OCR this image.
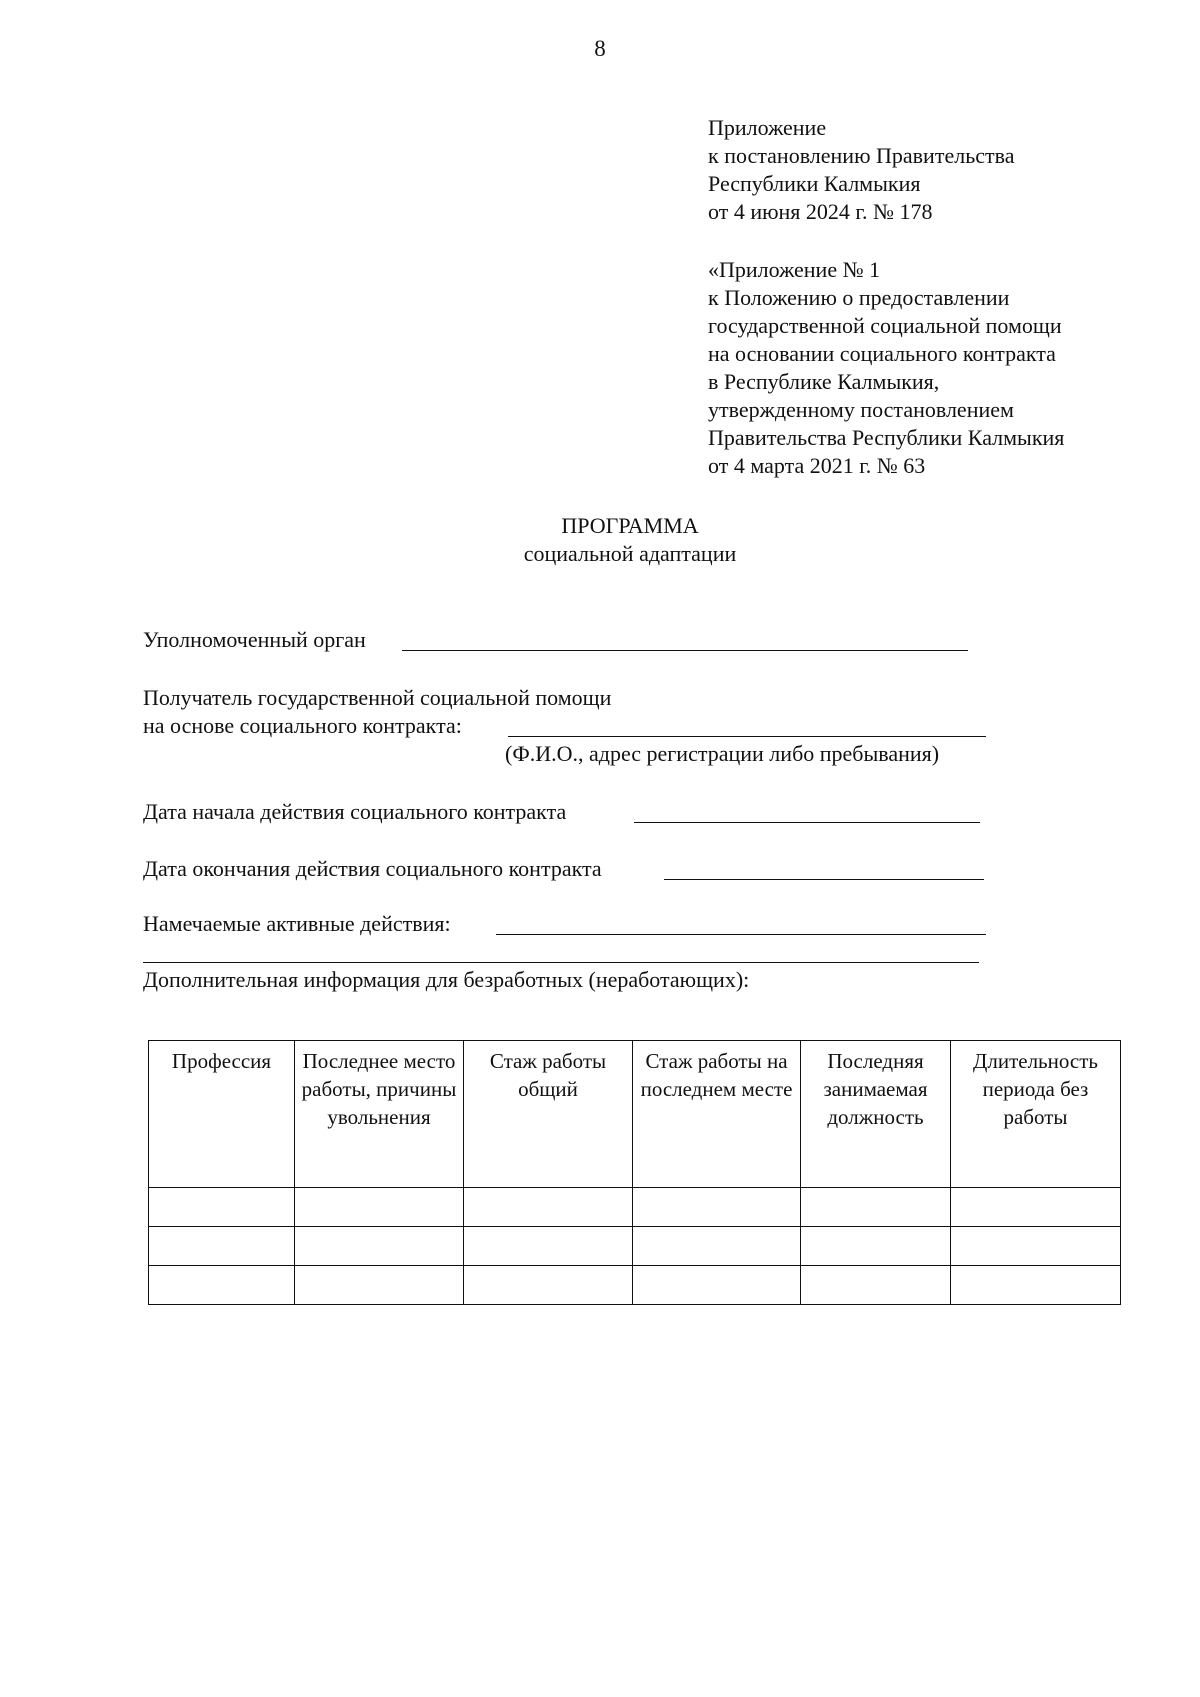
8
Приложение
к постановлению Правительства
Республики Калмыкия
от 4 июня 2024 г. № 178
«Приложение № 1
к Положению о предоставлении
государственной социальной помощи
на основании социального контракта
в Республике Калмыкия,
утвержденному постановлением
Правительства Республики Калмыкия
от 4 марта 2021 г. № 63
ПРОГРАММА
социальной адаптации
Уполномоченный орган
Получатель государственной социальной помощи
на основе социального контракта:
(Ф.И.О., адрес регистрации либо пребывания)
Дата начала действия социального контракта
Дата окончания действия социального контракта
Намечаемые активные действия:
Дополнительная информация для безработных (неработающих):
Профессия	Последнее место работы, причины увольнения	Стаж работы общий	Стаж работы на последнем месте	Последняя занимаемая должность	Длительность периода без работы
